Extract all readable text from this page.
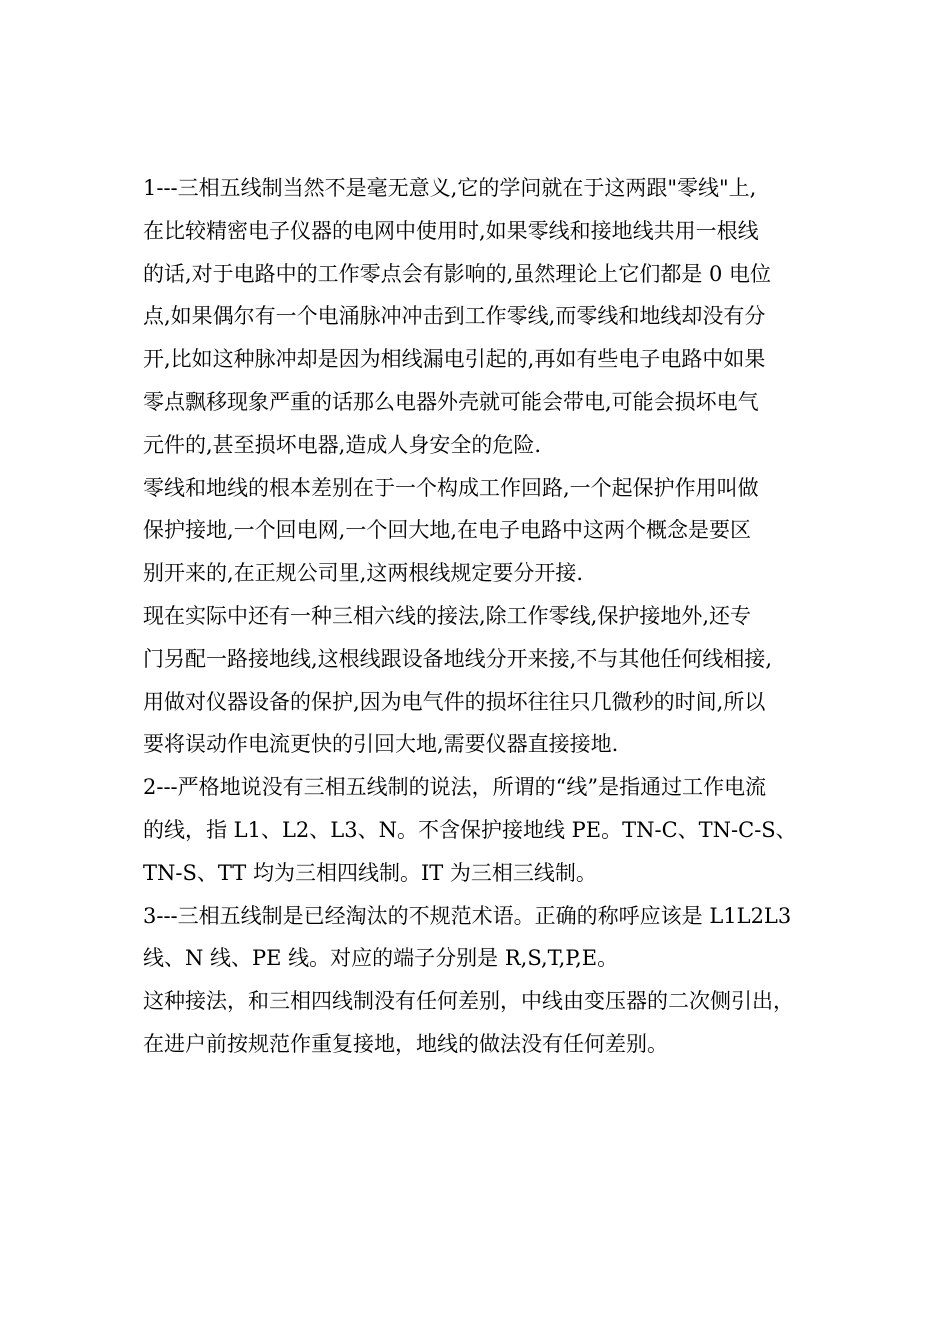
1---三相五线制当然不是毫无意义,它的学问就在于这两跟"零线"上,
在比较精密电子仪器的电网中使用时,如果零线和接地线共用一根线
的话,对于电路中的工作零点会有影响的,虽然理论上它们都是 0 电位
点,如果偶尔有一个电涌脉冲冲击到工作零线,而零线和地线却没有分
开,比如这种脉冲却是因为相线漏电引起的,再如有些电子电路中如果
零点飘移现象严重的话那么电器外壳就可能会带电,可能会损坏电气
元件的,甚至损坏电器,造成人身安全的危险.
零线和地线的根本差别在于一个构成工作回路,一个起保护作用叫做
保护接地,一个回电网,一个回大地,在电子电路中这两个概念是要区
别开来的,在正规公司里,这两根线规定要分开接.
现在实际中还有一种三相六线的接法,除工作零线,保护接地外,还专
门另配一路接地线,这根线跟设备地线分开来接,不与其他任何线相接,
用做对仪器设备的保护,因为电气件的损坏往往只几微秒的时间,所以
要将误动作电流更快的引回大地,需要仪器直接接地.
2---严格地说没有三相五线制的说法，所谓的“线”是指通过工作电流
的线，指 L1、L2、L3、N。不含保护接地线 PE。TN-C、TN-C-S、
TN-S、TT 均为三相四线制。IT 为三相三线制。
3---三相五线制是已经淘汰的不规范术语。正确的称呼应该是 L1L2L3
线、N 线、PE 线。对应的端子分别是 R,S,T,P,E。
这种接法，和三相四线制没有任何差别，中线由变压器的二次侧引出，
在进户前按规范作重复接地，地线的做法没有任何差别。
